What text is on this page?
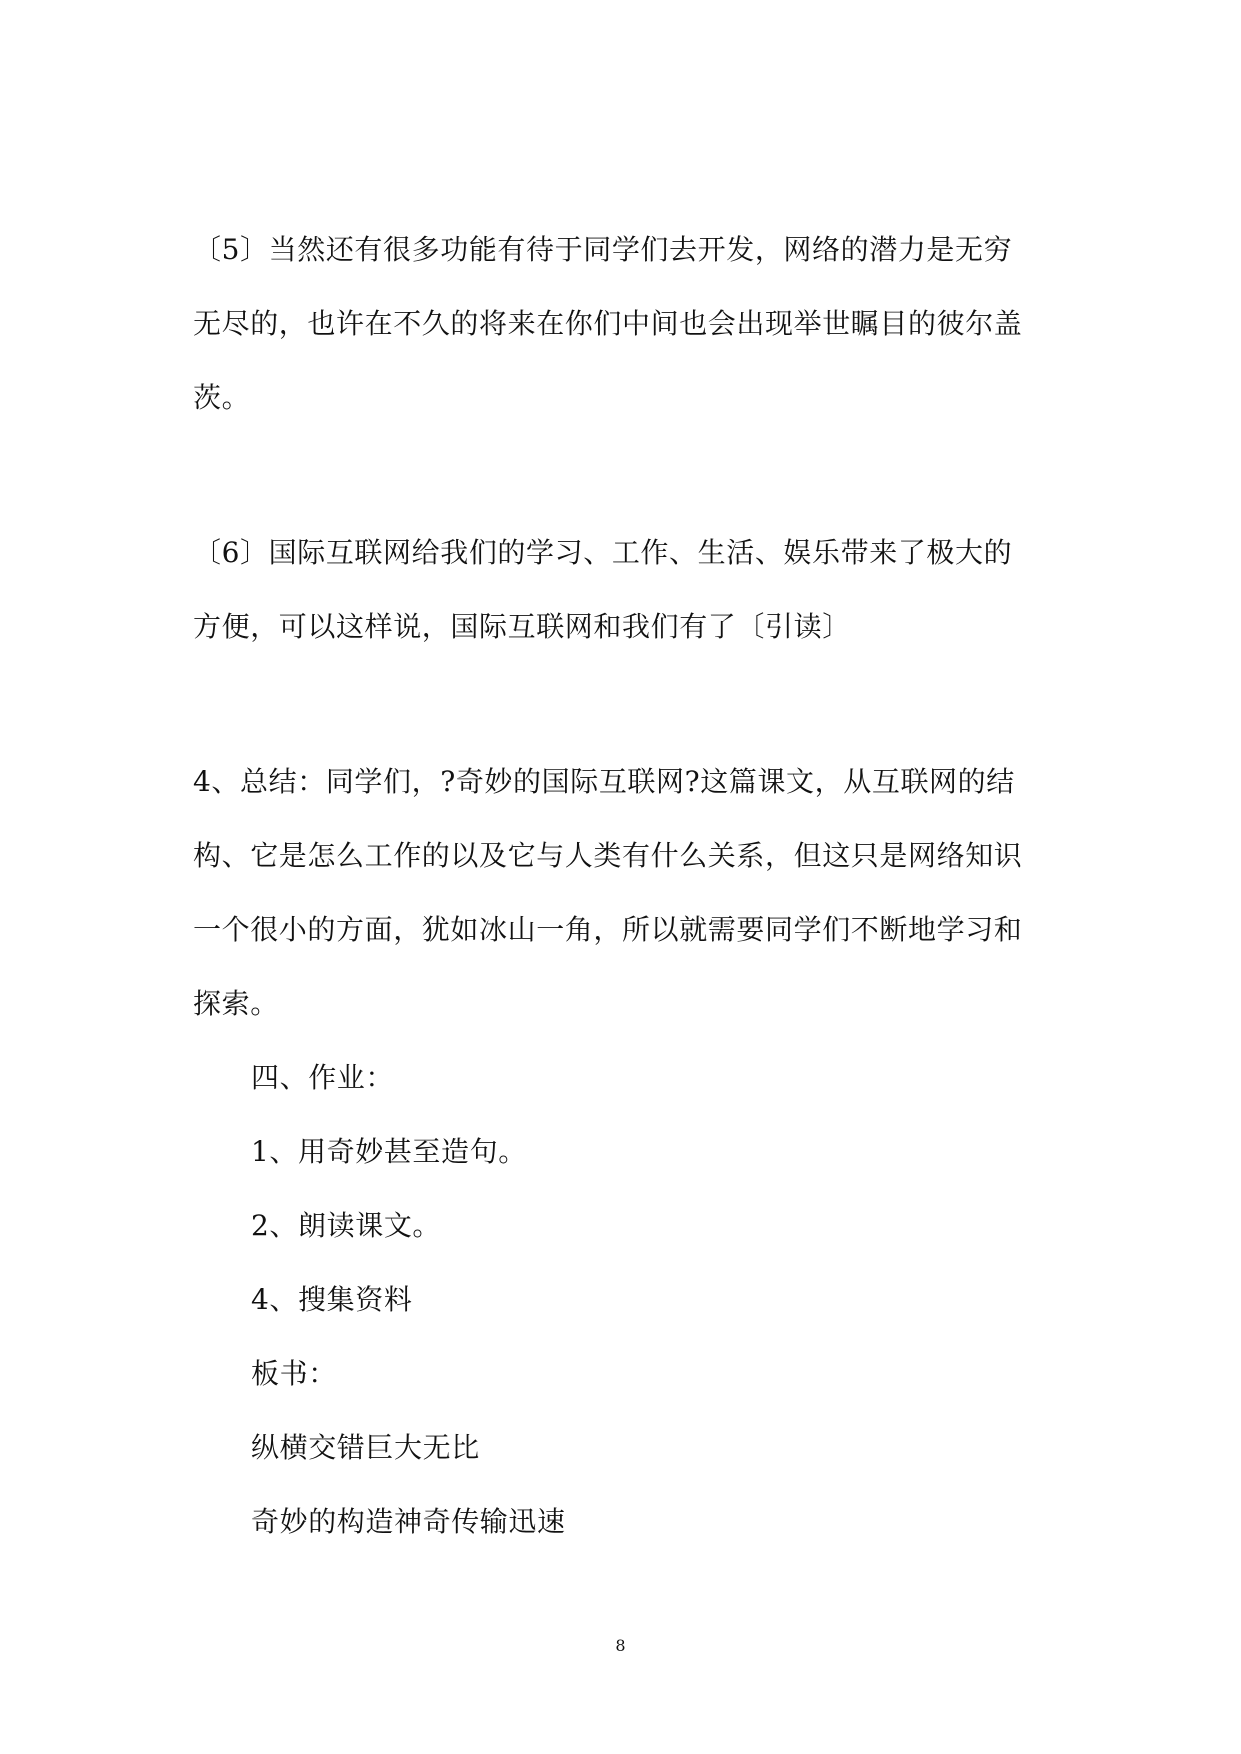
〔5〕当然还有很多功能有待于同学们去开发，网络的潜力是无穷
无尽的，也许在不久的将来在你们中间也会出现举世瞩目的彼尔盖
茨。
〔6〕国际互联网给我们的学习、工作、生活、娱乐带来了极大的
方便，可以这样说，国际互联网和我们有了〔引读〕
4、总结：同学们，?奇妙的国际互联网?这篇课文，从互联网的结
构、它是怎么工作的以及它与人类有什么关系，但这只是网络知识
一个很小的方面，犹如冰山一角，所以就需要同学们不断地学习和
探索。
四、作业：
1、用奇妙甚至造句。
2、朗读课文。
4、搜集资料
板书：
纵横交错巨大无比
奇妙的构造神奇传输迅速
8
